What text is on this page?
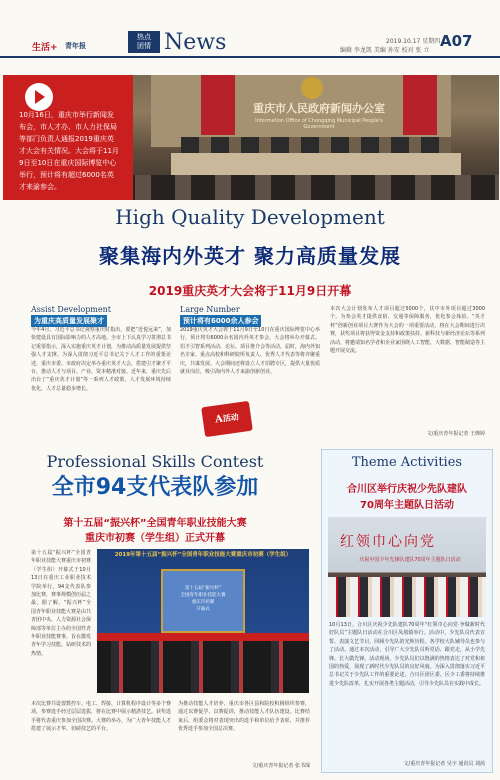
生活+ 青年报
热点
团情 News	2019.10.17 星期四
编辑 李龙凯 美编 孙安 校对 张 立
A07
重庆市人民政府新闻办公室
Information Office of Chongqing Municipal People's Government
10月16日，重庆市举行新闻发布会，市人才办、市人力社保局等部门负责人通报2019重庆英才大会有关情况。大会将于11月9日至10日在重庆国际博览中心举行，预计将有超过6000名英才来渝参会。
High Quality Development
聚集海内外英才 聚力高质量发展
2019重庆英才大会将于11月9日开幕
Assist Development
为重庆高质量发展聚才
今年4月，习近平总书记视察重庆时指出，要把“近悦远来”，加快建设具有国际影响力的人才高地。全市上下认真学习贯彻总书记重要指示，深入实施重庆英才计划，为推动高质量发展提供坚强人才支撑。为深入贯彻习近平总书记关于人才工作的重要论述，重庆市委、市政府决定举办重庆英才大会，搭建引才聚才平台，推动人才与项目、产业、资本精准对接。近年来，重庆先后出台了“重庆英才计划”等一系列人才政策，人才发展环境持续优化，人才总量稳步增长。
Large Number
预计将有6000余人参会
2019重庆英才大会将于11月9日至10日在重庆国际博览中心举行，预计将有6000余名国内外英才参会，大会将举办开幕式、招才引智系列活动、论坛、项目推介会等活动。届时，海内外知名专家、重点高校和科研院所负责人、优秀人才代表等将齐聚重庆，共谋发展。大会期间还将设立人才招聘专区，提供大量优质就业岗位，吸引海内外人才来渝创新创业。
本次大会计划发布人才项目超过5000个，其中市外项目超过3000个。为参会英才提供食宿、交通等保障服务，优化参会体验。“英才杯”创新创业项目大赛作为大会的一项重要活动，将在大会期间进行决赛，获奖项目将获得资金支持和政策扶持。新科技与新经济论坛等系列活动，将邀请知名学者和企业家围绕人工智能、大数据、智能制造等主题开展交流。
文/重庆青年报记者 王婵婷
A活动
Professional Skills Contest
全市94支代表队参加
第十五届“振兴杯”全国青年职业技能大赛
重庆市初赛（学生组）正式开幕
第十五届“振兴杯”全国青年职业技能大赛重庆市初赛（学生组）开幕式于10月13日在重庆工业职业技术学院举行。94支代表队参加比赛，赛事规模创历届之最。据了解，“振兴杯”全国青年职业技能大赛是由共青团中央、人力资源社会保障部等单位主办的全国性青年职业技能赛事，旨在激发青年学习技能、钻研技术的热情。
2019年第十五届“振兴杯”全国青年职业技能大赛重庆市初赛（学生组）
第十五届“振兴杯”
全国青年职业技能大赛
重庆市初赛
开幕式
本次比赛共设置数控车、电工、焊接、计算机程序设计等多个赛项，参赛选手经过层层选拔，将在比赛中展示精湛技艺。获奖选手将代表重庆参加全国决赛。大赛的举办，为广大青年技能人才搭建了展示才华、切磋技艺的平台。
为推动技能人才培养，重庆市各区县和院校积极组织参赛，通过以赛促学、以赛促训，推动技能人才队伍建设。比赛结束后，组委会将对表现突出的选手和单位给予表彰，并推荐优秀选手参加全国总决赛。
文/重庆青年报记者 张书琛
Theme Activities
合川区举行庆祝少先队建队
70周年主题队日活动
红领巾心向党
庆祝中国少年先锋队建队70周年主题队日活动
10月13日，合川区庆祝少先队建队70周年“红领巾心向党·争做新时代好队员”主题队日活动在合川区凤凰镇举行。活动中，少先队员代表宣誓、表演文艺节目，回顾少先队的光辉历程。各学校大队辅导员也参与了活动。通过本次活动，引导广大少先队员听党话、跟党走，从小学先锋、长大做先锋。活动现场，少先队员们以饱满的热情表达了对党和祖国的热爱，展现了新时代少先队员的良好风貌。为深入贯彻落实习近平总书记关于少先队工作的重要论述，合川区团区委、区少工委将持续推进少先队改革，扎实开展各类主题活动，引导少先队员在实践中成长。
文/重庆青年报记者 吴宇 通讯员 刘茜
